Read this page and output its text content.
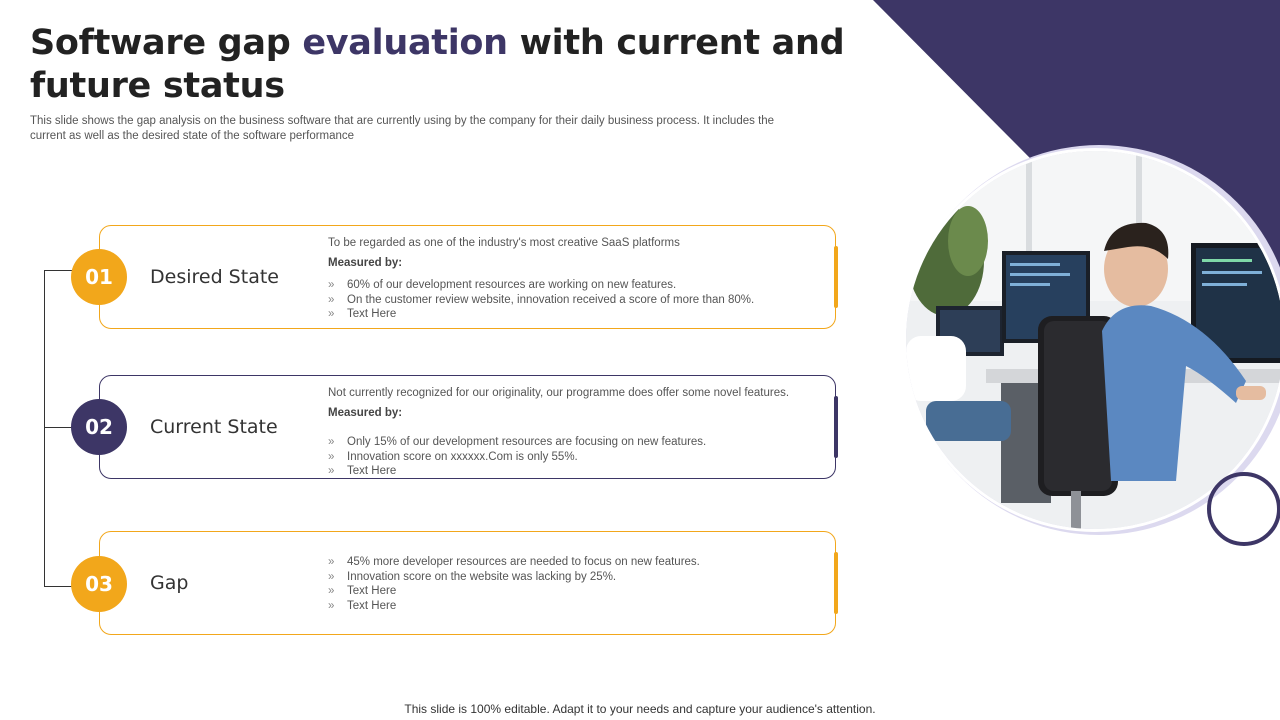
Software gap evaluation with current and future status
This slide shows the gap analysis on the business software that are currently using by the company for their daily business process. It includes the current as well as the desired state of the software performance
Desired State

To be regarded as one of the industry's most creative SaaS platforms

Measured by:

» 60% of our development resources are working on new features.
» On the customer review website, innovation received a score of more than 80%.
» Text Here
01
Current State

Not currently recognized for our originality, our programme does offer some novel features.

Measured by:

» Only 15% of our development resources are focusing on new features.
» Innovation score on xxxxxx.Com is only 55%.
» Text Here
02
Gap
» 45% more developer resources are needed to focus on new features.
» Innovation score on the website was lacking by 25%.
» Text Here
» Text Here
03
This slide is 100% editable. Adapt it to your needs and capture your audience's attention.
